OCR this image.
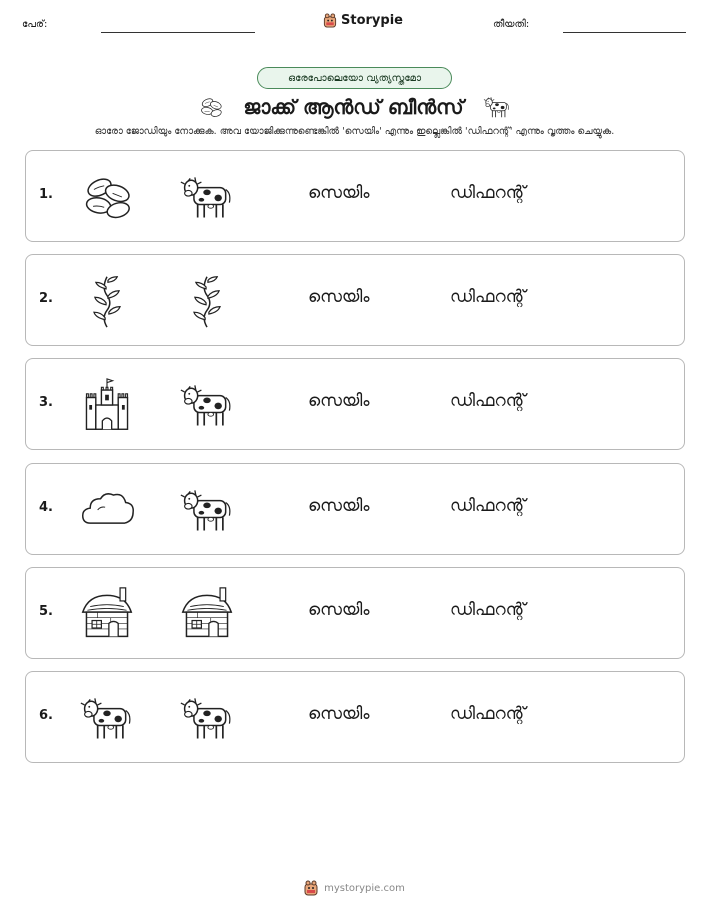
പേര്:	Storypie	തീയതി:
ഒരേപോലെയോ വ്യത്യസ്തമോ
ജാക്ക് ആൻഡ് ബീൻസ്
ഓരോ ജോഡിയും നോക്കുക. അവ യോജിക്കുന്നുണ്ടെങ്കിൽ 'സെയിം' എന്നും ഇല്ലെങ്കിൽ 'ഡിഫറന്റ്' എന്നും വൃത്തം ചെയ്യുക.
1.	സെയിം	ഡിഫറന്റ്
2.	സെയിം	ഡിഫറന്റ്
3.	സെയിം	ഡിഫറന്റ്
4.	സെയിം	ഡിഫറന്റ്
5.	സെയിം	ഡിഫറന്റ്
6.	സെയിം	ഡിഫറന്റ്
mystorypie.com
